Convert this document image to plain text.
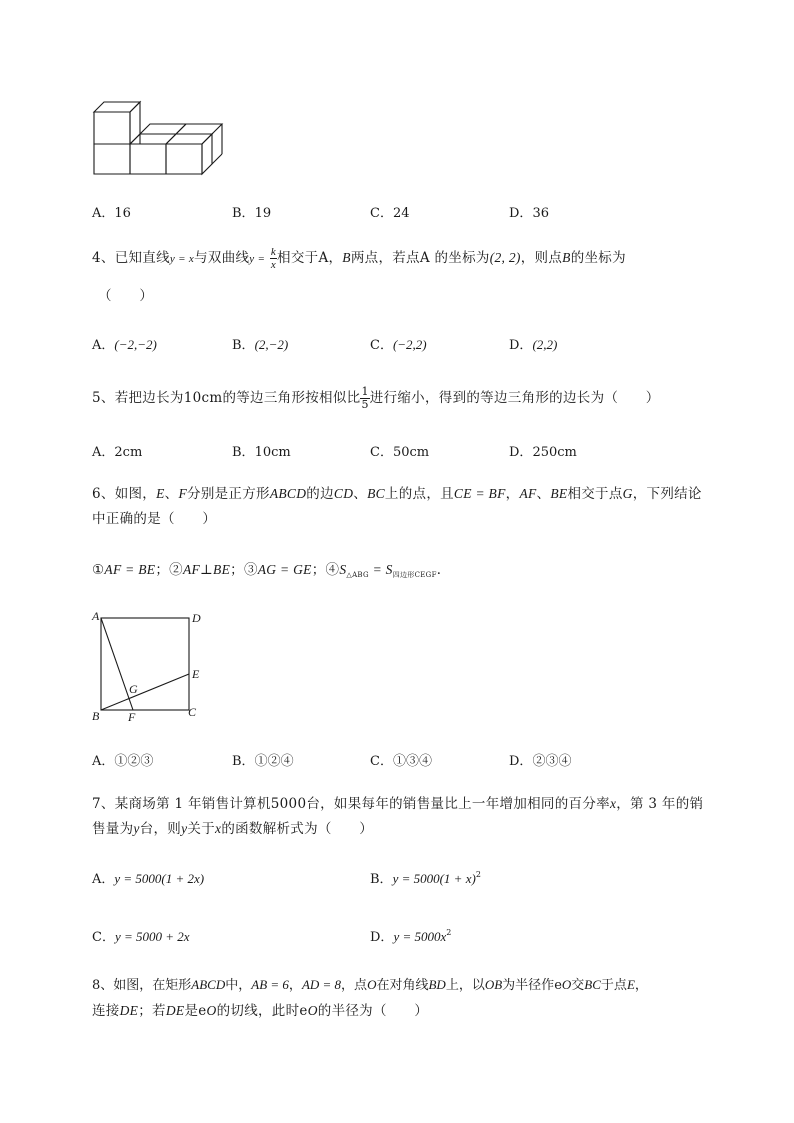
A．16	B．19	C．24	D．36
4、已知直线y = x与双曲线$y = \frac{k}{x}$ 相交于A，B两点，若点A 的坐标为(2, 2)，则点B的坐标为
（　　）
A．(−2,−2)	B．(2,−2)	C．(−2,2)	D．(2,2)
5、若把边长为10cm的等边三角形按相似比 $\frac{1}{5}$ 进行缩小，得到的等边三角形的边长为（　　）
A．2cm	B．10cm	C．50cm	D．250cm
6、如图，E、F分别是正方形ABCD的边CD、BC上的点，且CE = BF，AF、BE相交于点G，下列结论
中正确的是（　　）
①AF = BE；②AF⊥BE；③AG = GE；$④S_{\triangle ABG} = S_{四边形CEGF}$．
A	D
E
G
B F	C
A．①②③	B．①②④	C．①③④	D．②③④
7、某商场第 1 年销售计算机5000台，如果每年的销售量比上一年增加相同的百分率x，第 3 年的销
售量为y台，则y关于x的函数解析式为（　　）
A．y = 5000(1 + 2x)	B．$y = 5000(1 + x)^2$
C．y = 5000 + 2x	D．$y = 5000x^2$
8、如图，在矩形ABCD中，AB = 6，AD = 8，点O在对角线BD上，以OB为半径作eO交BC于点E，
连接DE；若DE是eO的切线，此时eO的半径为（　　）
